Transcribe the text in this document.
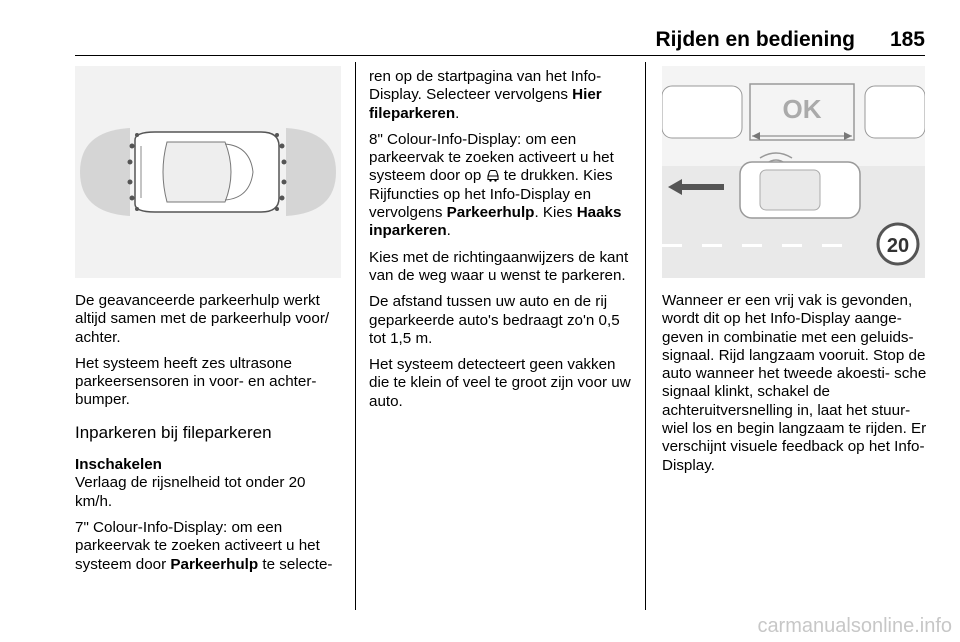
Rijden en bediening 185
OK
20

De geavanceerde parkeerhulp werkt altijd samen met de parkeerhulp voor/ achter.

Het systeem heeft zes ultrasone parkeersensoren in voor- en achter- bumper.

Inparkeren bij fileparkeren
Inschakelen

Verlaag de rijsnelheid tot onder 20 km/h.

7" Colour-Info-Display: om een parkeervak te zoeken activeert u het systeem door Parkeerhulp te selecte-

ren op de startpagina van het Info-Display. Selecteer vervolgens Hier fileparkeren.

8" Colour-Info-Display: om een parkeervak te zoeken activeert u het systeem door op
te drukken. Kies Rijfuncties op het Info-Display en vervolgens Parkeerhulp. Kies Haaks inparkeren.

Kies met de richtingaanwijzers de kant van de weg waar u wenst te parkeren.

De afstand tussen uw auto en de rij geparkeerde auto's bedraagt zo'n 0,5 tot 1,5 m.

Het systeem detecteert geen vakken die te klein of veel te groot zijn voor uw auto.

Wanneer er een vrij vak is gevonden, wordt dit op het Info-Display aange- geven in combinatie met een geluids- signaal. Rijd langzaam vooruit. Stop de auto wanneer het tweede akoesti- sche signaal klinkt, schakel de achteruitversnelling in, laat het stuur- wiel los en begin langzaam te rijden. Er verschijnt visuele feedback op het Info-Display.

carmanualsonline.info
